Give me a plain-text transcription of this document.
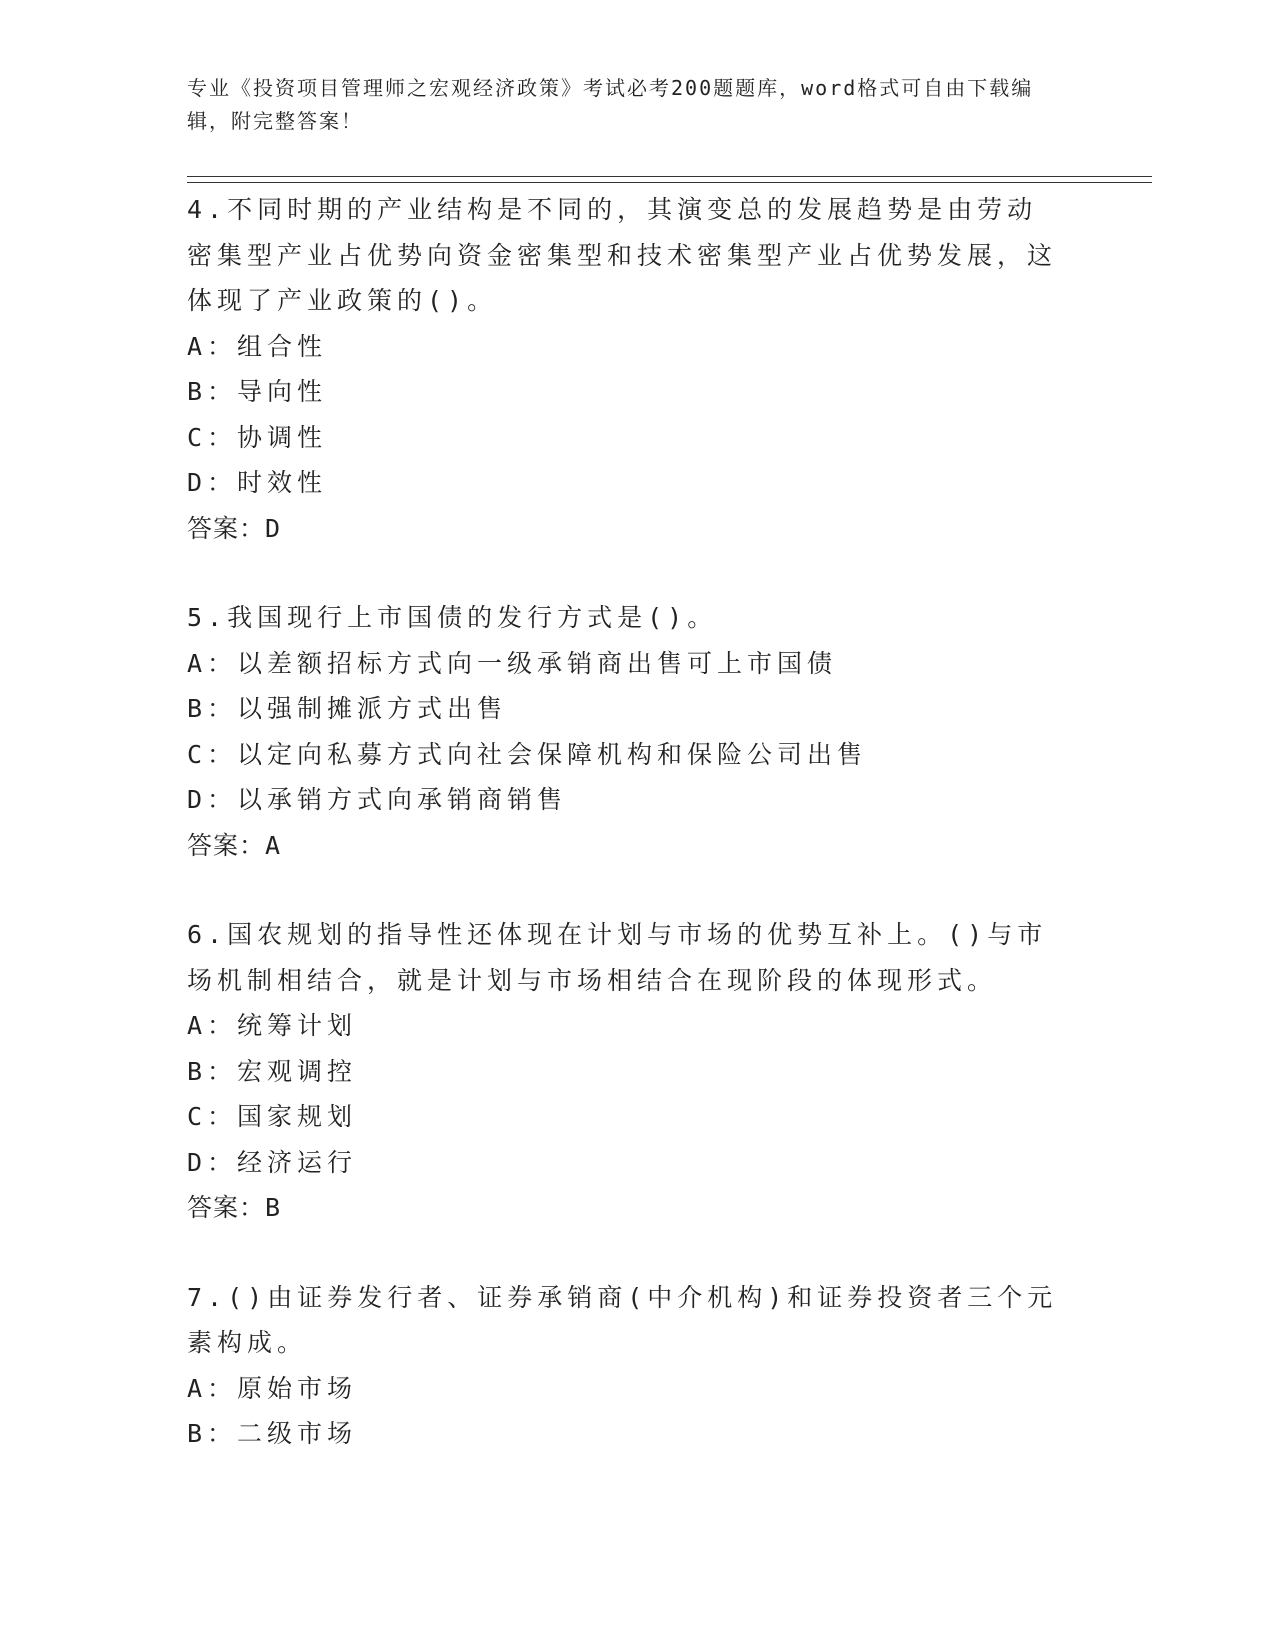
专业《投资项目管理师之宏观经济政策》考试必考200题题库，word格式可自由下载编辑，附完整答案！
4.不同时期的产业结构是不同的，其演变总的发展趋势是由劳动密集型产业占优势向资金密集型和技术密集型产业占优势发展，这体现了产业政策的()。
A：组合性
B：导向性
C：协调性
D：时效性
答案：D
5.我国现行上市国债的发行方式是()。
A：以差额招标方式向一级承销商出售可上市国债
B：以强制摊派方式出售
C：以定向私募方式向社会保障机构和保险公司出售
D：以承销方式向承销商销售
答案：A
6.国农规划的指导性还体现在计划与市场的优势互补上。()与市场机制相结合，就是计划与市场相结合在现阶段的体现形式。
A：统筹计划
B：宏观调控
C：国家规划
D：经济运行
答案：B
7.()由证券发行者、证券承销商(中介机构)和证券投资者三个元素构成。
A：原始市场
B：二级市场
